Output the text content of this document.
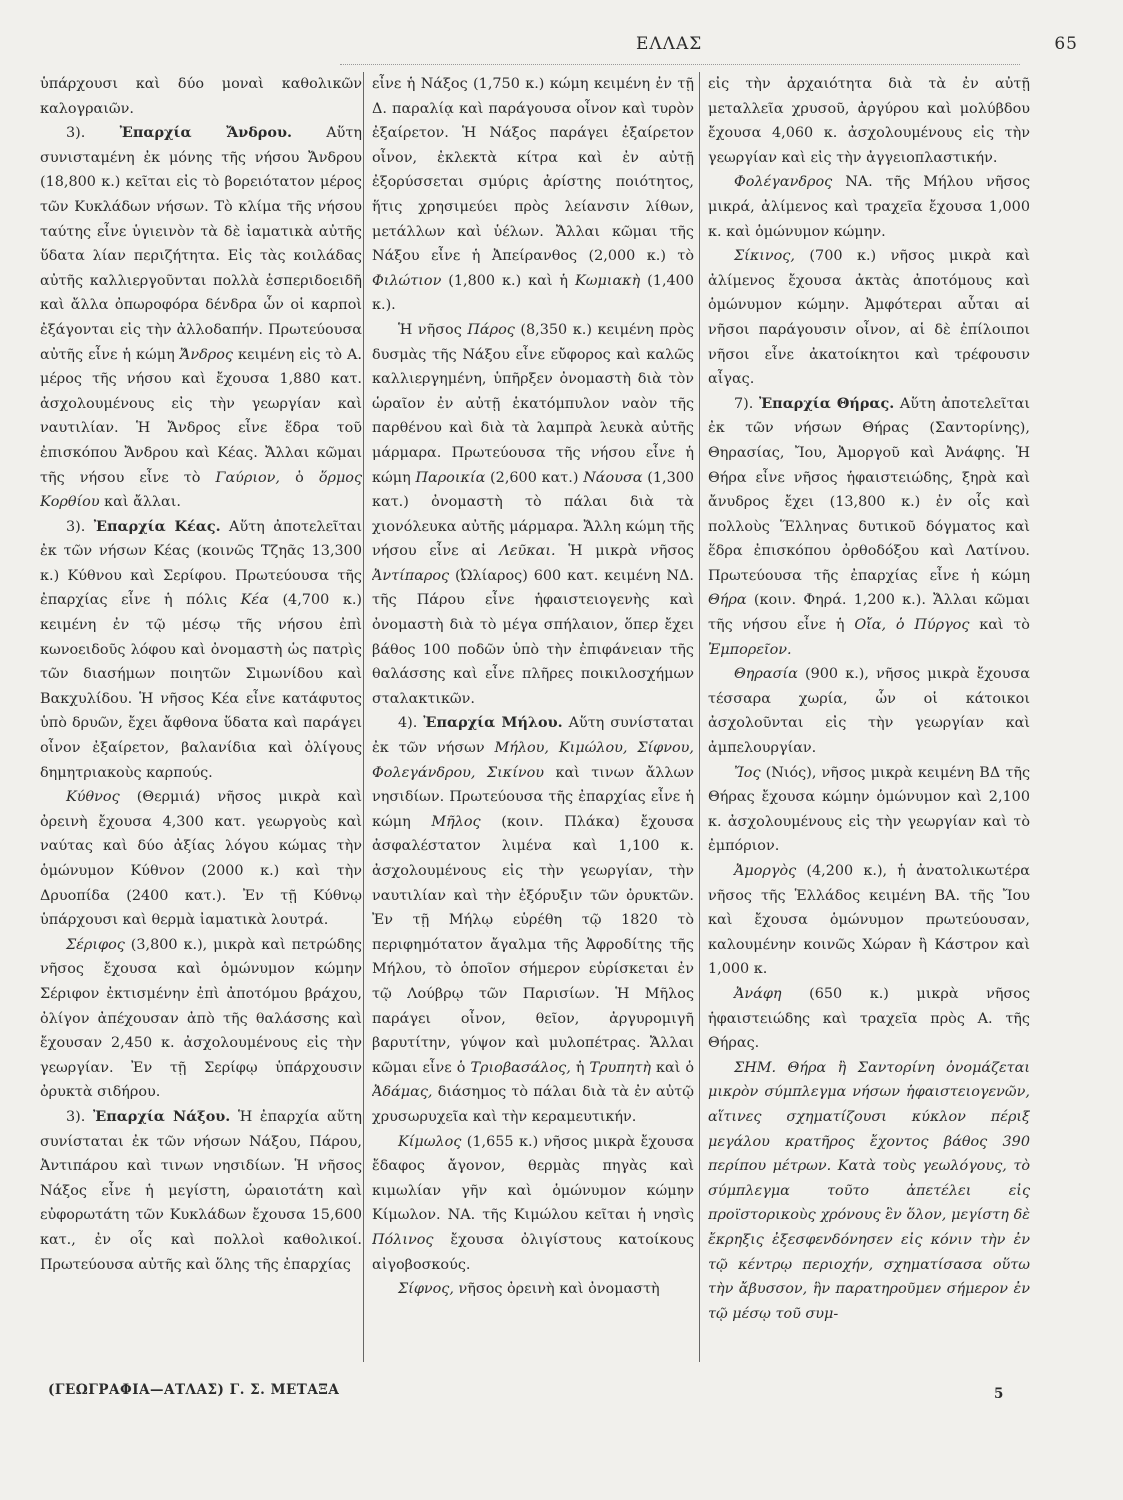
ΕΛΛΑΣ	65

ὑπάρχουσι καὶ δύο μοναὶ καθολικῶν καλογραιῶν.

3). Ἐπαρχία Ἄνδρου. Αὕτη συνισταμένη ἐκ μόνης τῆς νήσου Ἄνδρου (18,800 κ.) κεῖται εἰς τὸ βορειότατον μέρος τῶν Κυκλάδων νήσων. Τὸ κλίμα τῆς νήσου ταύτης εἶνε ὑγιεινὸν τὰ δὲ ἰαματικὰ αὐτῆς ὕδατα λίαν περιζήτητα. Εἰς τὰς κοιλάδας αὐτῆς καλλιεργοῦνται πολλὰ ἑσπεριδοειδῆ καὶ ἄλλα ὀπωροφόρα δένδρα ὧν οἱ καρποὶ ἐξάγονται εἰς τὴν ἀλλοδαπήν. Πρωτεύουσα αὐτῆς εἶνε ἡ κώμη Ἄνδρος κειμένη εἰς τὸ Α. μέρος τῆς νήσου καὶ ἔχουσα 1,880 κατ. ἀσχολουμένους εἰς τὴν γεωργίαν καὶ ναυτιλίαν. Ἡ Ἄνδρος εἶνε ἕδρα τοῦ ἐπισκόπου Ἄνδρου καὶ Κέας. Ἄλλαι κῶμαι τῆς νήσου εἶνε τὸ Γαύριον, ὁ ὅρμος Κορθίου καὶ ἄλλαι.

3). Ἐπαρχία Κέας. Αὕτη ἀποτελεῖται ἐκ τῶν νήσων Κέας (κοινῶς Τζηᾶς 13,300 κ.) Κύθνου καὶ Σερίφου. Πρωτεύουσα τῆς ἐπαρχίας εἶνε ἡ πόλις Κέα (4,700 κ.) κειμένη ἐν τῷ μέσῳ τῆς νήσου ἐπὶ κωνοειδοῦς λόφου καὶ ὀνομαστὴ ὡς πατρὶς τῶν διασήμων ποιητῶν Σιμωνίδου καὶ Βακχυλίδου. Ἡ νῆσος Κέα εἶνε κατάφυτος ὑπὸ δρυῶν, ἔχει ἄφθονα ὕδατα καὶ παράγει οἶνον ἐξαίρετον, βαλανίδια καὶ ὀλίγους δημητριακοὺς καρπούς.

Κύθνος (Θερμιά) νῆσος μικρὰ καὶ ὀρεινὴ ἔχουσα 4,300 κατ. γεωργοὺς καὶ ναύτας καὶ δύο ἀξίας λόγου κώμας τὴν ὁμώνυμον Κύθνον (2000 κ.) καὶ τὴν Δρυοπίδα (2400 κατ.). Ἐν τῇ Κύθνῳ ὑπάρχουσι καὶ θερμὰ ἰαματικὰ λουτρά.

Σέριφος (3,800 κ.), μικρὰ καὶ πετρώδης νῆσος ἔχουσα καὶ ὁμώνυμον κώμην Σέριφον ἐκτισμένην ἐπὶ ἀποτόμου βράχου, ὀλίγον ἀπέχουσαν ἀπὸ τῆς θαλάσσης καὶ ἔχουσαν 2,450 κ. ἀσχολουμένους εἰς τὴν γεωργίαν. Ἐν τῇ Σερίφῳ ὑπάρχουσιν ὀρυκτὰ σιδήρου.

3). Ἐπαρχία Νάξου. Ἡ ἐπαρχία αὕτη συνίσταται ἐκ τῶν νήσων Νάξου, Πάρου, Ἀντιπάρου καὶ τινων νησιδίων. Ἡ νῆσος Νάξος εἶνε ἡ μεγίστη, ὡραιοτάτη καὶ εὐφορωτάτη τῶν Κυκλάδων ἔχουσα 15,600 κατ., ἐν οἷς καὶ πολλοὶ καθολικοί. Πρωτεύουσα αὐτῆς καὶ ὅλης τῆς ἐπαρχίας

εἶνε ἡ Νάξος (1,750 κ.) κώμη κειμένη ἐν τῇ Δ. παραλίᾳ καὶ παράγουσα οἶνον καὶ τυρὸν ἐξαίρετον. Ἡ Νάξος παράγει ἐξαίρετον οἶνον, ἐκλεκτὰ κίτρα καὶ ἐν αὐτῇ ἐξορύσσεται σμύρις ἀρίστης ποιότητος, ἥτις χρησιμεύει πρὸς λείανσιν λίθων, μετάλλων καὶ ὑέλων. Ἄλλαι κῶμαι τῆς Νάξου εἶνε ἡ Ἀπείρανθος (2,000 κ.) τὸ Φιλώτιον (1,800 κ.) καὶ ἡ Κωμιακὴ (1,400 κ.).

Ἡ νῆσος Πάρος (8,350 κ.) κειμένη πρὸς δυσμὰς τῆς Νάξου εἶνε εὔφορος καὶ καλῶς καλλιεργημένη, ὑπῆρξεν ὀνομαστὴ διὰ τὸν ὡραῖον ἐν αὐτῇ ἑκατόμπυλον ναὸν τῆς παρθένου καὶ διὰ τὰ λαμπρὰ λευκὰ αὐτῆς μάρμαρα. Πρωτεύουσα τῆς νήσου εἶνε ἡ κώμη Παροικία (2,600 κατ.) Νάουσα (1,300 κατ.) ὀνομαστὴ τὸ πάλαι διὰ τὰ χιονόλευκα αὐτῆς μάρμαρα. Ἄλλη κώμη τῆς νήσου εἶνε αἱ Λεῦκαι. Ἡ μικρὰ νῆσος Ἀντίπαρος (Ὠλίαρος) 600 κατ. κειμένη ΝΔ. τῆς Πάρου εἶνε ἡφαιστειογενὴς καὶ ὀνομαστὴ διὰ τὸ μέγα σπήλαιον, ὅπερ ἔχει βάθος 100 ποδῶν ὑπὸ τὴν ἐπιφάνειαν τῆς θαλάσσης καὶ εἶνε πλῆρες ποικιλοσχήμων σταλακτικῶν.

4). Ἐπαρχία Μήλου. Αὕτη συνίσταται ἐκ τῶν νήσων Μήλου, Κιμώλου, Σίφνου, Φολεγάνδρου, Σικίνου καὶ τινων ἄλλων νησιδίων. Πρωτεύουσα τῆς ἐπαρχίας εἶνε ἡ κώμη Μῆλος (κοιν. Πλάκα) ἔχουσα ἀσφαλέστατον λιμένα καὶ 1,100 κ. ἀσχολουμένους εἰς τὴν γεωργίαν, τὴν ναυτιλίαν καὶ τὴν ἐξόρυξιν τῶν ὀρυκτῶν. Ἐν τῇ Μήλῳ εὑρέθη τῷ 1820 τὸ περιφημότατον ἄγαλμα τῆς Ἀφροδίτης τῆς Μήλου, τὸ ὁποῖον σήμερον εὑρίσκεται ἐν τῷ Λούβρῳ τῶν Παρισίων. Ἡ Μῆλος παράγει οἶνον, θεῖον, ἀργυρομιγῆ βαρυτίτην, γύψον καὶ μυλοπέτρας. Ἄλλαι κῶμαι εἶνε ὁ Τριοβασάλος, ἡ Τρυπητὴ καὶ ὁ Ἀδάμας, διάσημος τὸ πάλαι διὰ τὰ ἐν αὐτῷ χρυσωρυχεῖα καὶ τὴν κεραμευτικήν.

Κίμωλος (1,655 κ.) νῆσος μικρὰ ἔχουσα ἔδαφος ἄγονον, θερμὰς πηγὰς καὶ κιμωλίαν γῆν καὶ ὁμώνυμον κώμην Κίμωλον. ΝΑ. τῆς Κιμώλου κεῖται ἡ νησὶς Πόλινος ἔχουσα ὀλιγίστους κατοίκους αἰγοβοσκούς.

Σίφνος, νῆσος ὀρεινὴ καὶ ὀνομαστὴ

εἰς τὴν ἀρχαιότητα διὰ τὰ ἐν αὐτῇ μεταλλεῖα χρυσοῦ, ἀργύρου καὶ μολύβδου ἔχουσα 4,060 κ. ἀσχολουμένους εἰς τὴν γεωργίαν καὶ εἰς τὴν ἀγγειοπλαστικήν.

Φολέγανδρος ΝΑ. τῆς Μήλου νῆσος μικρά, ἀλίμενος καὶ τραχεῖα ἔχουσα 1,000 κ. καὶ ὁμώνυμον κώμην.

Σίκινος, (700 κ.) νῆσος μικρὰ καὶ ἀλίμενος ἔχουσα ἀκτὰς ἀποτόμους καὶ ὁμώνυμον κώμην. Ἀμφότεραι αὗται αἱ νῆσοι παράγουσιν οἶνον, αἱ δὲ ἐπίλοιποι νῆσοι εἶνε ἀκατοίκητοι καὶ τρέφουσιν αἶγας.

7). Ἐπαρχία Θήρας. Αὕτη ἀποτελεῖται ἐκ τῶν νήσων Θήρας (Σαντορίνης), Θηρασίας, Ἴου, Ἀμοργοῦ καὶ Ἀνάφης. Ἡ Θήρα εἶνε νῆσος ἡφαιστειώδης, ξηρὰ καὶ ἄνυδρος ἔχει (13,800 κ.) ἐν οἷς καὶ πολλοὺς Ἕλληνας δυτικοῦ δόγματος καὶ ἕδρα ἐπισκόπου ὀρθοδόξου καὶ Λατίνου. Πρωτεύουσα τῆς ἐπαρχίας εἶνε ἡ κώμη Θήρα (κοιν. Φηρά. 1,200 κ.). Ἄλλαι κῶμαι τῆς νήσου εἶνε ἡ Οἴα, ὁ Πύργος καὶ τὸ Ἐμπορεῖον.

Θηρασία (900 κ.), νῆσος μικρὰ ἔχουσα τέσσαρα χωρία, ὧν οἱ κάτοικοι ἀσχολοῦνται εἰς τὴν γεωργίαν καὶ ἀμπελουργίαν.

Ἴος (Νιός), νῆσος μικρὰ κειμένη ΒΔ τῆς Θήρας ἔχουσα κώμην ὁμώνυμον καὶ 2,100 κ. ἀσχολουμένους εἰς τὴν γεωργίαν καὶ τὸ ἐμπόριον.

Ἀμοργὸς (4,200 κ.), ἡ ἀνατολικωτέρα νῆσος τῆς Ἑλλάδος κειμένη ΒΑ. τῆς Ἴου καὶ ἔχουσα ὁμώνυμον πρωτεύουσαν, καλουμένην κοινῶς Χώραν ἢ Κάστρον καὶ 1,000 κ.

Ἀνάφη (650 κ.) μικρὰ νῆσος ἡφαιστειώδης καὶ τραχεῖα πρὸς Α. τῆς Θήρας.

ΣΗΜ. Θήρα ἢ Σαντορίνη ὀνομάζεται μικρὸν σύμπλεγμα νήσων ἡφαιστειογενῶν, αἵτινες σχηματίζουσι κύκλον πέριξ μεγάλου κρατῆρος ἔχοντος βάθος 390 περίπου μέτρων. Κατὰ τοὺς γεωλόγους, τὸ σύμπλεγμα τοῦτο ἀπετέλει εἰς προϊστορικοὺς χρόνους ἓν ὅλον, μεγίστη δὲ ἔκρηξις ἐξεσφενδόνησεν εἰς κόνιν τὴν ἐν τῷ κέντρῳ περιοχήν, σχηματίσασα οὕτω τὴν ἄβυσσον, ἣν παρατηροῦμεν σήμερον ἐν τῷ μέσῳ τοῦ συμ-

(ΓΕΩΓΡΑΦΙΑ—ΑΤΛΑΣ) Γ. Σ. ΜΕΤΑΞΑ	5
